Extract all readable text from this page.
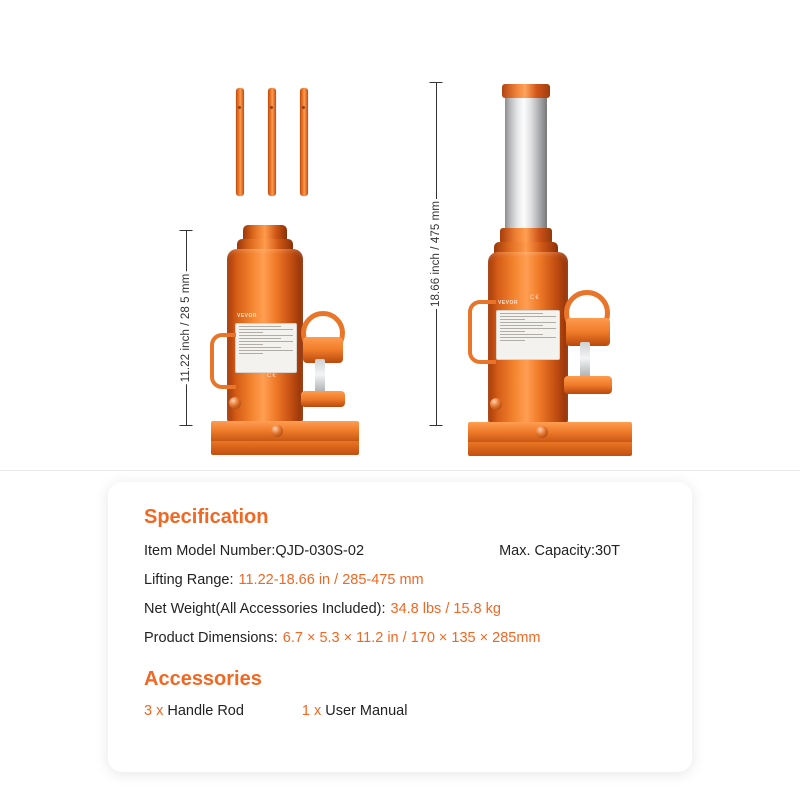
11.22 inch / 28 5 mm
18.66 inch / 475 mm
VEVOR
C€
VEVOR
C€
Specification
Item Model Number: QJD-030S-02	Max. Capacity: 30T
Lifting Range: 11.22-18.66 in / 285-475 mm
Net Weight(All Accessories Included): 34.8 lbs / 15.8 kg
Product Dimensions: 6.7 × 5.3 × 11.2 in / 170 × 135 × 285mm
Accessories
3 x Handle Rod	1 x User Manual
